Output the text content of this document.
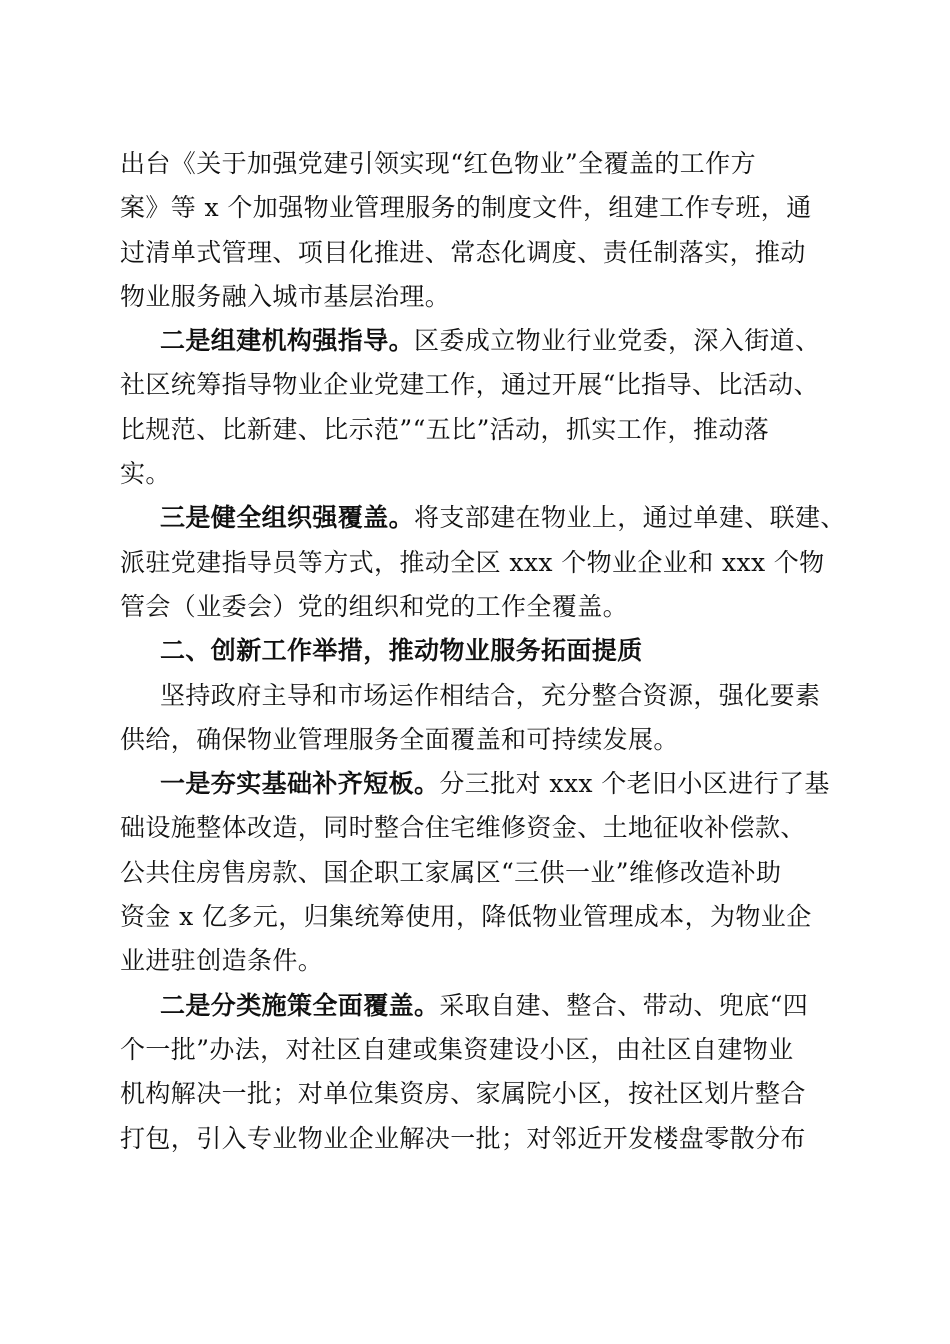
出台《关于加强党建引领实现“红色物业”全覆盖的工作方
案》等 x 个加强物业管理服务的制度文件，组建工作专班，通
过清单式管理、项目化推进、常态化调度、责任制落实，推动
物业服务融入城市基层治理。
二是组建机构强指导。区委成立物业行业党委，深入街道、
社区统筹指导物业企业党建工作，通过开展“比指导、比活动、
比规范、比新建、比示范”“五比”活动，抓实工作，推动落
实。
三是健全组织强覆盖。将支部建在物业上，通过单建、联建、
派驻党建指导员等方式，推动全区 xxx 个物业企业和 xxx 个物
管会（业委会）党的组织和党的工作全覆盖。
二、创新工作举措，推动物业服务拓面提质
坚持政府主导和市场运作相结合，充分整合资源，强化要素
供给，确保物业管理服务全面覆盖和可持续发展。
一是夯实基础补齐短板。分三批对 xxx 个老旧小区进行了基
础设施整体改造，同时整合住宅维修资金、土地征收补偿款、
公共住房售房款、国企职工家属区“三供一业”维修改造补助
资金 x 亿多元，归集统筹使用，降低物业管理成本，为物业企
业进驻创造条件。
二是分类施策全面覆盖。采取自建、整合、带动、兜底“四
个一批”办法，对社区自建或集资建设小区，由社区自建物业
机构解决一批；对单位集资房、家属院小区，按社区划片整合
打包，引入专业物业企业解决一批；对邻近开发楼盘零散分布
